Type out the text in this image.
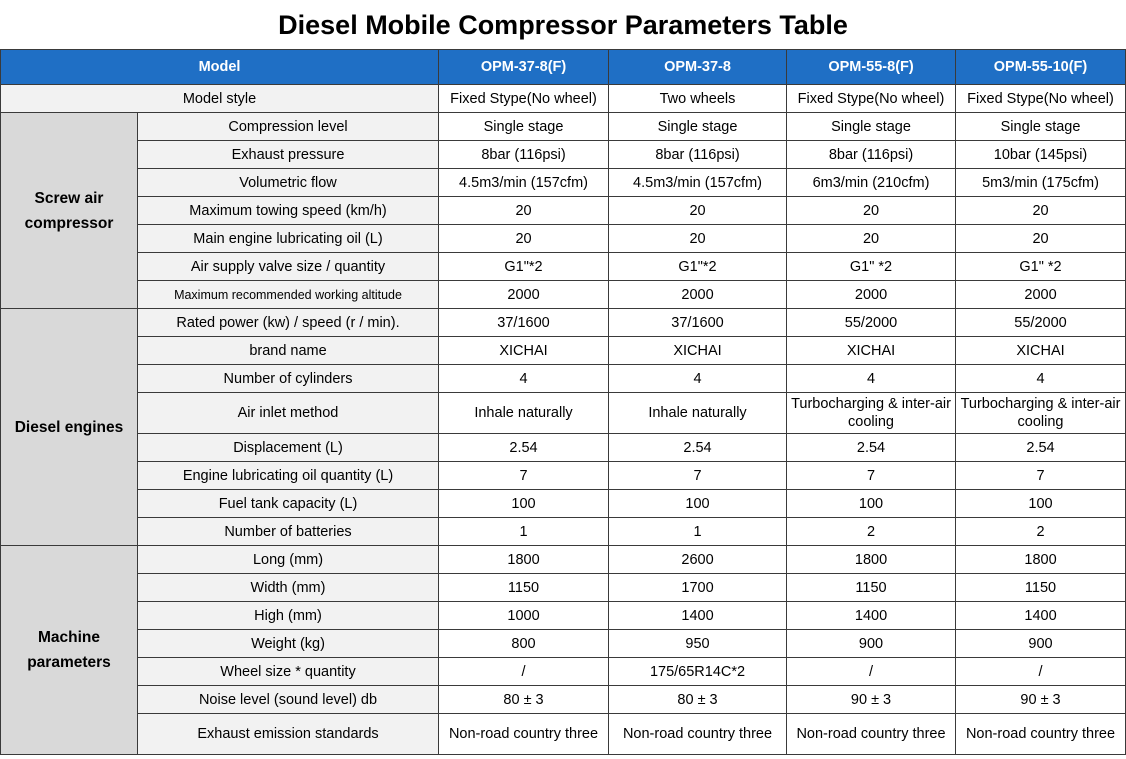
Diesel Mobile Compressor Parameters Table
Model		OPM-37-8(F)	OPM-37-8	OPM-55-8(F)	OPM-55-10(F)
Model style		Fixed Stype(No wheel)	Two wheels	Fixed Stype(No wheel)	Fixed Stype(No wheel)
Screw air compressor	Compression level	Single stage	Single stage	Single stage	Single stage
	Exhaust pressure	8bar (116psi)	8bar (116psi)	8bar (116psi)	10bar (145psi)
	Volumetric flow	4.5m3/min (157cfm)	4.5m3/min (157cfm)	6m3/min (210cfm)	5m3/min (175cfm)
	Maximum towing speed (km/h)	20	20	20	20
	Main engine lubricating oil (L)	20	20	20	20
	Air supply valve size / quantity	G1"*2	G1"*2	G1" *2	G1" *2
	Maximum recommended working altitude	2000	2000	2000	2000
Diesel engines	Rated power (kw) / speed (r / min).	37/1600	37/1600	55/2000	55/2000
	brand name	XICHAI	XICHAI	XICHAI	XICHAI
	Number of cylinders	4	4	4	4
	Air inlet method	Inhale naturally	Inhale naturally	Turbocharging & inter-air cooling	Turbocharging & inter-air cooling
	Displacement (L)	2.54	2.54	2.54	2.54
	Engine lubricating oil quantity (L)	7	7	7	7
	Fuel tank capacity (L)	100	100	100	100
	Number of batteries	1	1	2	2
Machine parameters	Long (mm)	1800	2600	1800	1800
	Width (mm)	1150	1700	1150	1150
	High (mm)	1000	1400	1400	1400
	Weight (kg)	800	950	900	900
	Wheel size * quantity	/	175/65R14C*2	/	/
	Noise level (sound level) db	80 ± 3	80 ± 3	90 ± 3	90 ± 3
	Exhaust emission standards	Non-road country three	Non-road country three	Non-road country three	Non-road country three
